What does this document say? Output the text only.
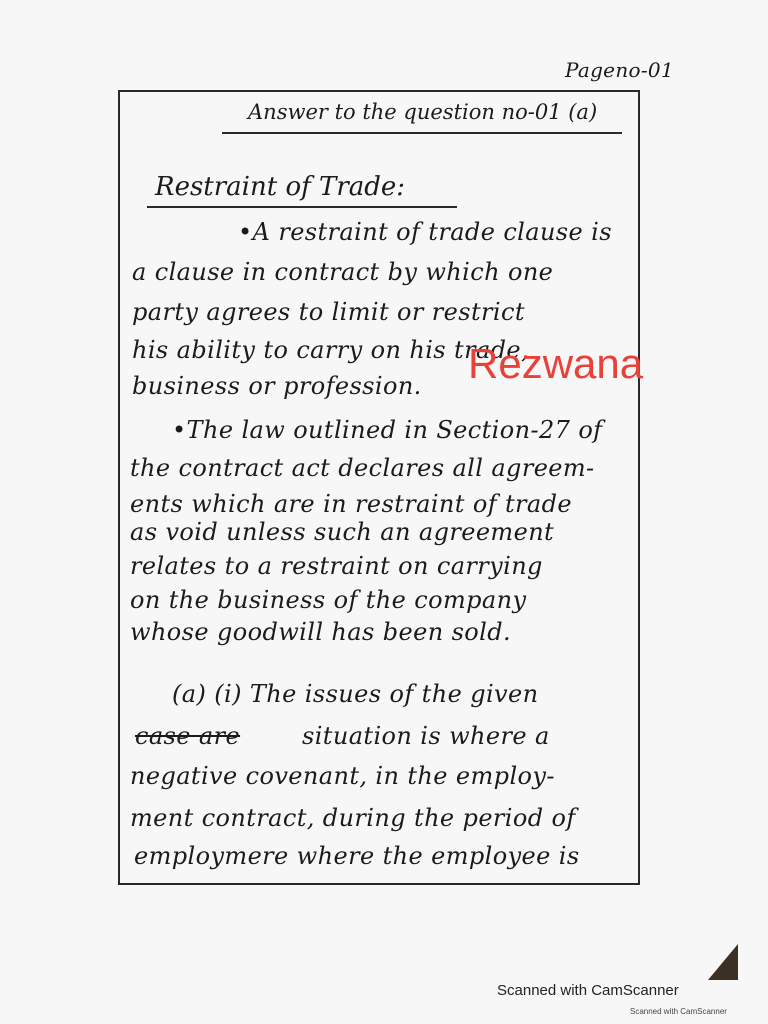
Pageno-01
Answer to the question no-01 (a)
Restraint of Trade:
•A restraint of trade clause is
a clause in contract by which one
party agrees to limit or restrict
his ability to carry on his trade,
business or profession. Rezwana
•The law outlined in Section-27 of
the contract act declares all agreem-
ents which are in restraint of trade
as void unless such an agreement
relates to a restraint on carrying
on the business of the company
whose goodwill has been sold.
(a) (i) The issues of the given
case are	situation is where a
negative covenant, in the employ-
ment contract, during the period of
employmere where the employee is
Scanned with CamScanner
Scanned with CamScanner
